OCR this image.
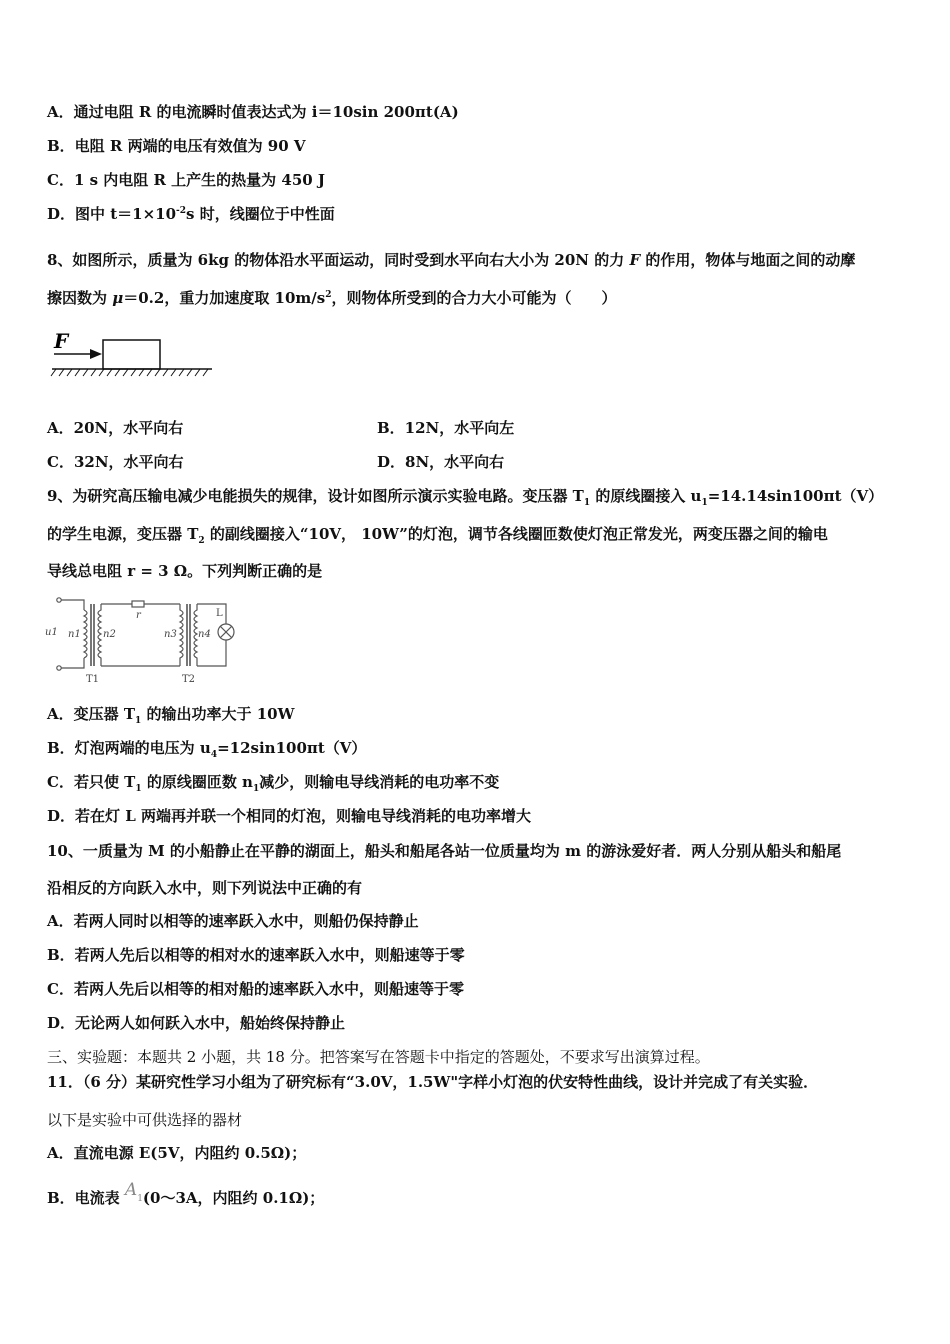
A．通过电阻 R 的电流瞬时值表达式为 i＝10sin 200πt(A)
B．电阻 R 两端的电压有效值为 90 V
C．1 s 内电阻 R 上产生的热量为 450 J
D．图中 $t=1\times 10^{-2}s$ 时，线圈位于中性面
8、如图所示，质量为 6kg 的物体沿水平面运动，同时受到水平向右大小为 20N 的力 F 的作用，物体与地面之间的动摩
擦因数为 μ＝0.2，重力加速度取 $10m/s^2$，则物体所受到的合力大小可能为（　　）
F
A．20N，水平向右	B．12N，水平向左
C．32N，水平向右	D．8N，水平向右
9、为研究高压输电减少电能损失的规律，设计如图所示演示实验电路。变压器 $T_1$ 的原线圈接入 $u_1=14.14\sin 100\pi t(V)$
的学生电源，变压器 $T_2$ 的副线圈接入“10V， 10W”的灯泡，调节各线圈匝数使灯泡正常发光，两变压器之间的输电
导线总电阻 r = 3 Ω。下列判断正确的是
u1 n1 n2
r
n3 n4
L
T1	T2
A．变压器 $T_1$ 的输出功率大于 10W
B．灯泡两端的电压为 $u_4=12\sin 100\pi t(V)$
C．若只使 $T_1$ 的原线圈匝数 $n_1$减少，则输电导线消耗的电功率不变
D．若在灯 L 两端再并联一个相同的灯泡，则输电导线消耗的电功率增大
10、一质量为 M 的小船静止在平静的湖面上，船头和船尾各站一位质量均为 m 的游泳爱好者．两人分别从船头和船尾
沿相反的方向跃入水中，则下列说法中正确的有
A．若两人同时以相等的速率跃入水中，则船仍保持静止
B．若两人先后以相等的相对水的速率跃入水中，则船速等于零
C．若两人先后以相等的相对船的速率跃入水中，则船速等于零
D．无论两人如何跃入水中，船始终保持静止
三、实验题：本题共 2 小题，共 18 分。把答案写在答题卡中指定的答题处，不要求写出演算过程。
11．（6 分）某研究性学习小组为了研究标有“3.0V，1.5W"字样小灯泡的伏安特性曲线，设计并完成了有关实验．
以下是实验中可供选择的器材
A．直流电源 E(5V，内阻约 0.5Ω)；
B．电流表 $A_1(0\sim 3A$，内阻约 0.1Ω)；
